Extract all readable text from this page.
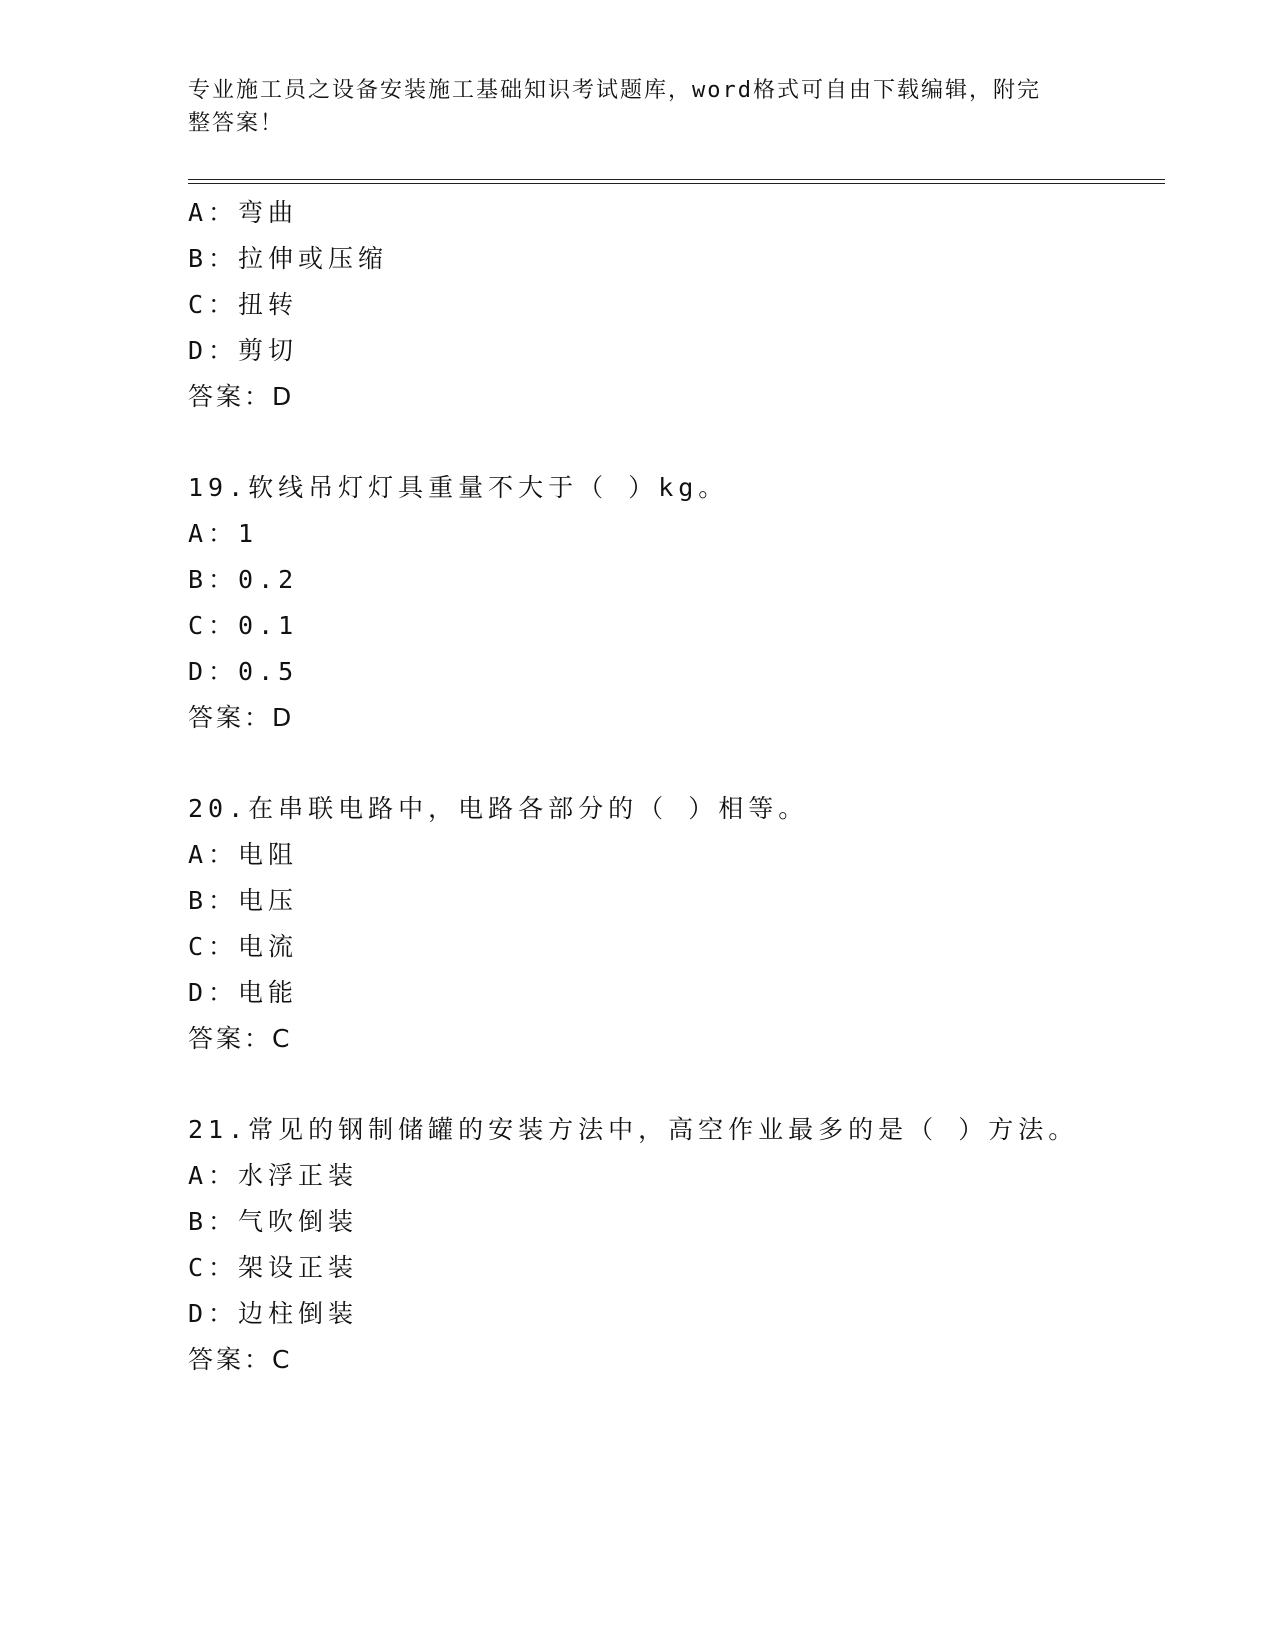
专业施工员之设备安装施工基础知识考试题库，word格式可自由下载编辑，附完
整答案！
A：弯曲
B：拉伸或压缩
C：扭转
D：剪切
答案：D
19.软线吊灯灯具重量不大于（ ）kg。
A：1
B：0.2
C：0.1
D：0.5
答案：D
20.在串联电路中，电路各部分的（ ）相等。
A：电阻
B：电压
C：电流
D：电能
答案：C
21.常见的钢制储罐的安装方法中，高空作业最多的是（ ）方法。
A：水浮正装
B：气吹倒装
C：架设正装
D：边柱倒装
答案：C
